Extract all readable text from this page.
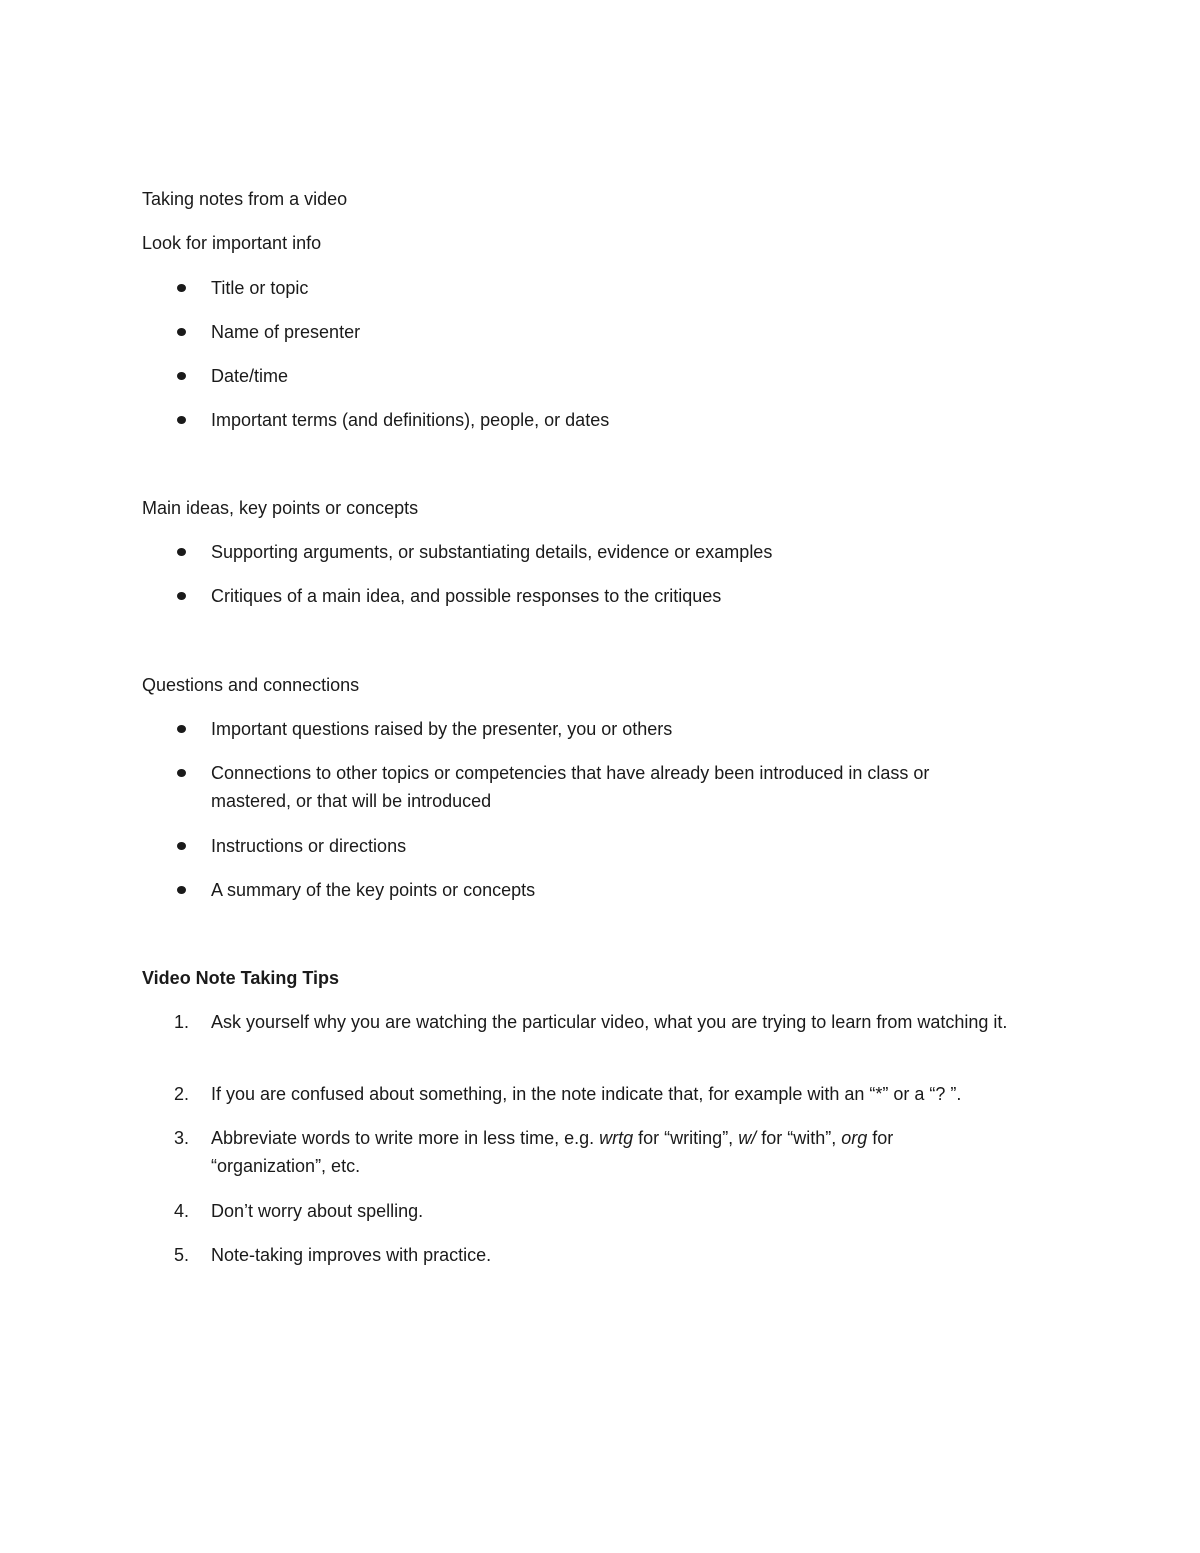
Taking notes from a video
Look for important info
Title or topic
Name of presenter
Date/time
Important terms (and definitions), people, or dates
Main ideas, key points or concepts
Supporting arguments, or substantiating details, evidence or examples
Critiques of a main idea, and possible responses to the critiques
Questions and connections
Important questions raised by the presenter, you or others
Connections to other topics or competencies that have already been introduced in class or mastered, or that will be introduced
Instructions or directions
A summary of the key points or concepts
Video Note Taking Tips
1.	Ask yourself why you are watching the particular video, what you are trying to learn from watching it.
2.	If you are confused about something, in the note indicate that, for example with an “*” or a “? ”.
3.	Abbreviate words to write more in less time, e.g. wrtg for “writing”, w/ for “with”, org for “organization”, etc.
4.	Don’t worry about spelling.
5.	Note-taking improves with practice.
